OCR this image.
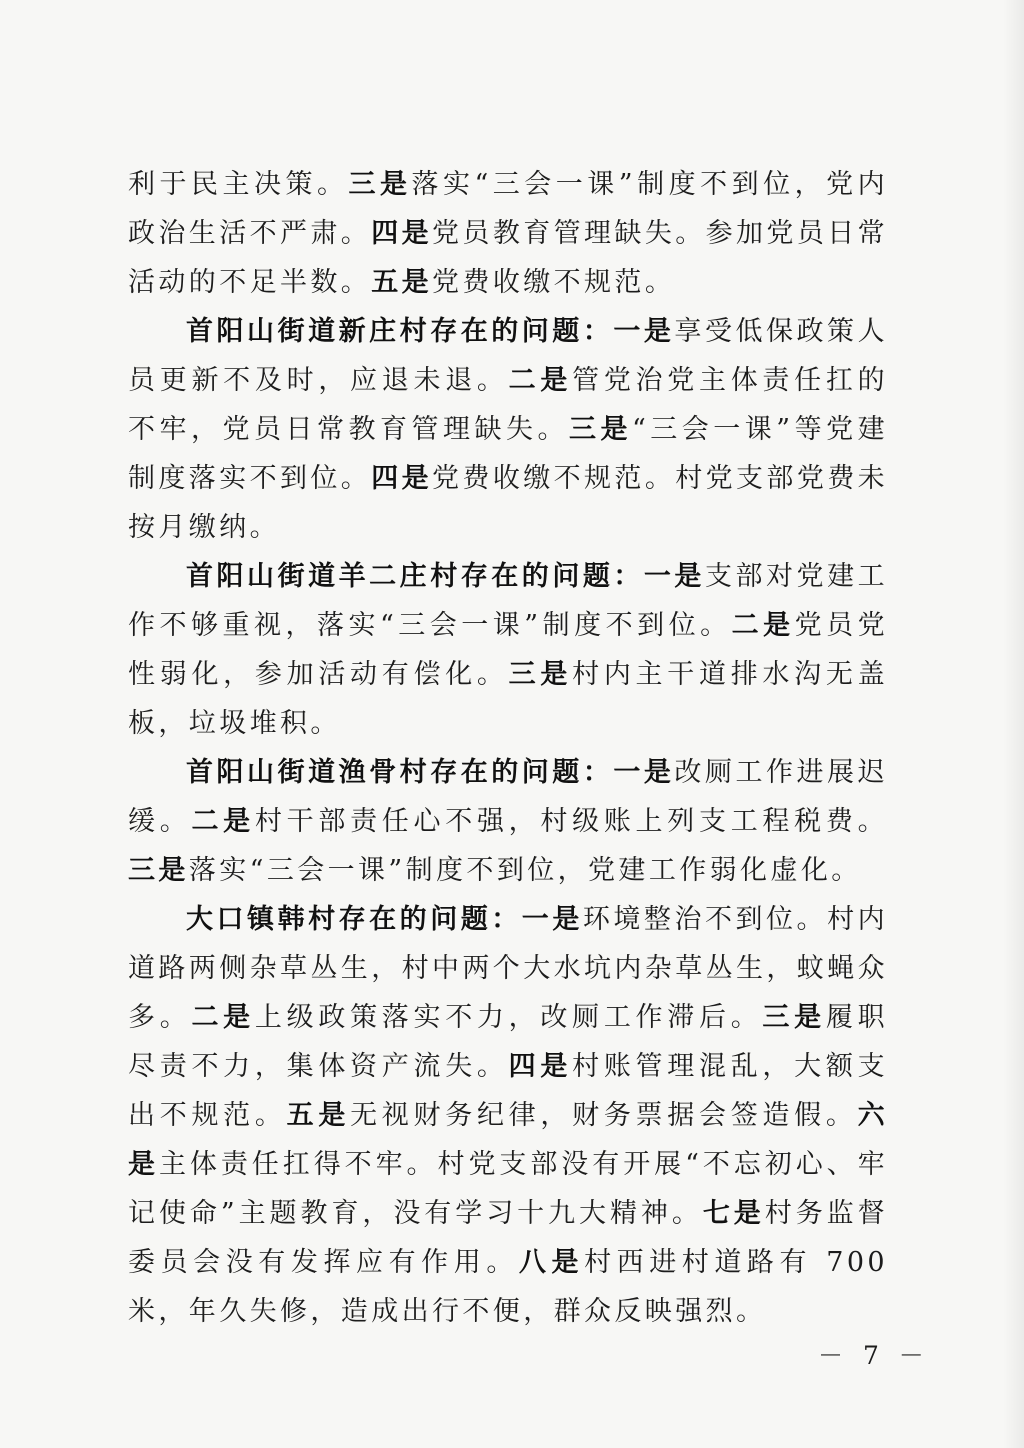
利于民主决策。三是落实“三会一课”制度不到位，党内政治生活不严肃。四是党员教育管理缺失。参加党员日常活动的不足半数。五是党费收缴不规范。

首阳山街道新庄村存在的问题：一是享受低保政策人员更新不及时，应退未退。二是管党治党主体责任扛的不牢，党员日常教育管理缺失。三是“三会一课”等党建制度落实不到位。四是党费收缴不规范。村党支部党费未按月缴纳。

首阳山街道羊二庄村存在的问题：一是支部对党建工作不够重视，落实“三会一课”制度不到位。二是党员党性弱化，参加活动有偿化。三是村内主干道排水沟无盖板，垃圾堆积。

首阳山街道渔骨村存在的问题：一是改厕工作进展迟缓。二是村干部责任心不强，村级账上列支工程税费。三是落实“三会一课”制度不到位，党建工作弱化虚化。

大口镇韩村存在的问题：一是环境整治不到位。村内道路两侧杂草丛生，村中两个大水坑内杂草丛生，蚊蝇众多。二是上级政策落实不力，改厕工作滞后。三是履职尽责不力，集体资产流失。四是村账管理混乱，大额支出不规范。五是无视财务纪律，财务票据会签造假。六是主体责任扛得不牢。村党支部没有开展“不忘初心、牢记使命”主题教育，没有学习十九大精神。七是村务监督委员会没有发挥应有作用。八是村西进村道路有 700 米，年久失修，造成出行不便，群众反映强烈。

－ 7 －
